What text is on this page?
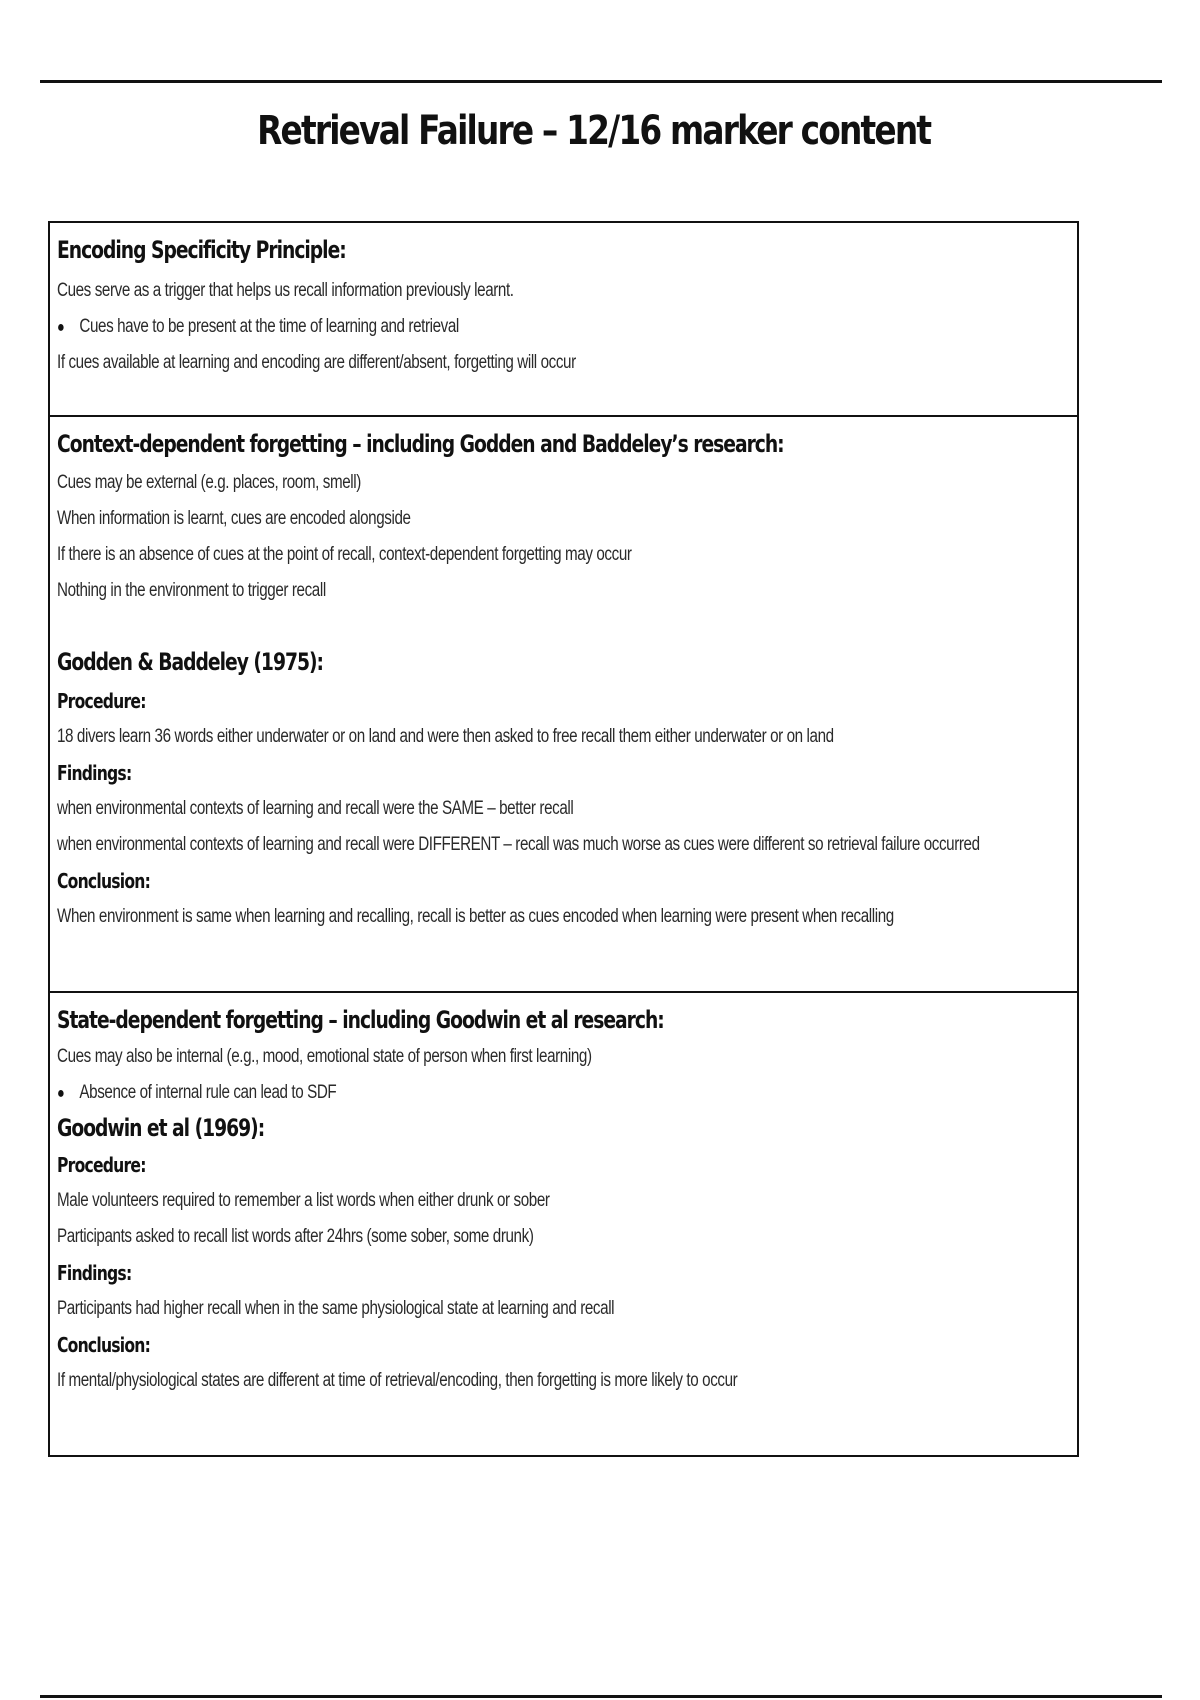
Retrieval Failure – 12/16 marker content
Encoding Specificity Principle:
Cues serve as a trigger that helps us recall information previously learnt.
● Cues have to be present at the time of learning and retrieval
If cues available at learning and encoding are different/absent, forgetting will occur
Context-dependent forgetting – including Godden and Baddeley’s research:
Cues may be external (e.g. places, room, smell)
When information is learnt, cues are encoded alongside
If there is an absence of cues at the point of recall, context-dependent forgetting may occur
Nothing in the environment to trigger recall
Godden & Baddeley (1975):
Procedure:
18 divers learn 36 words either underwater or on land and were then asked to free recall them either underwater or on land
Findings:
when environmental contexts of learning and recall were the SAME – better recall
when environmental contexts of learning and recall were DIFFERENT – recall was much worse as cues were different so retrieval failure occurred
Conclusion:
When environment is same when learning and recalling, recall is better as cues encoded when learning were present when recalling
State-dependent forgetting – including Goodwin et al research:
Cues may also be internal (e.g., mood, emotional state of person when first learning)
● Absence of internal rule can lead to SDF
Goodwin et al (1969):
Procedure:
Male volunteers required to remember a list words when either drunk or sober
Participants asked to recall list words after 24hrs (some sober, some drunk)
Findings:
Participants had higher recall when in the same physiological state at learning and recall
Conclusion:
If mental/physiological states are different at time of retrieval/encoding, then forgetting is more likely to occur
